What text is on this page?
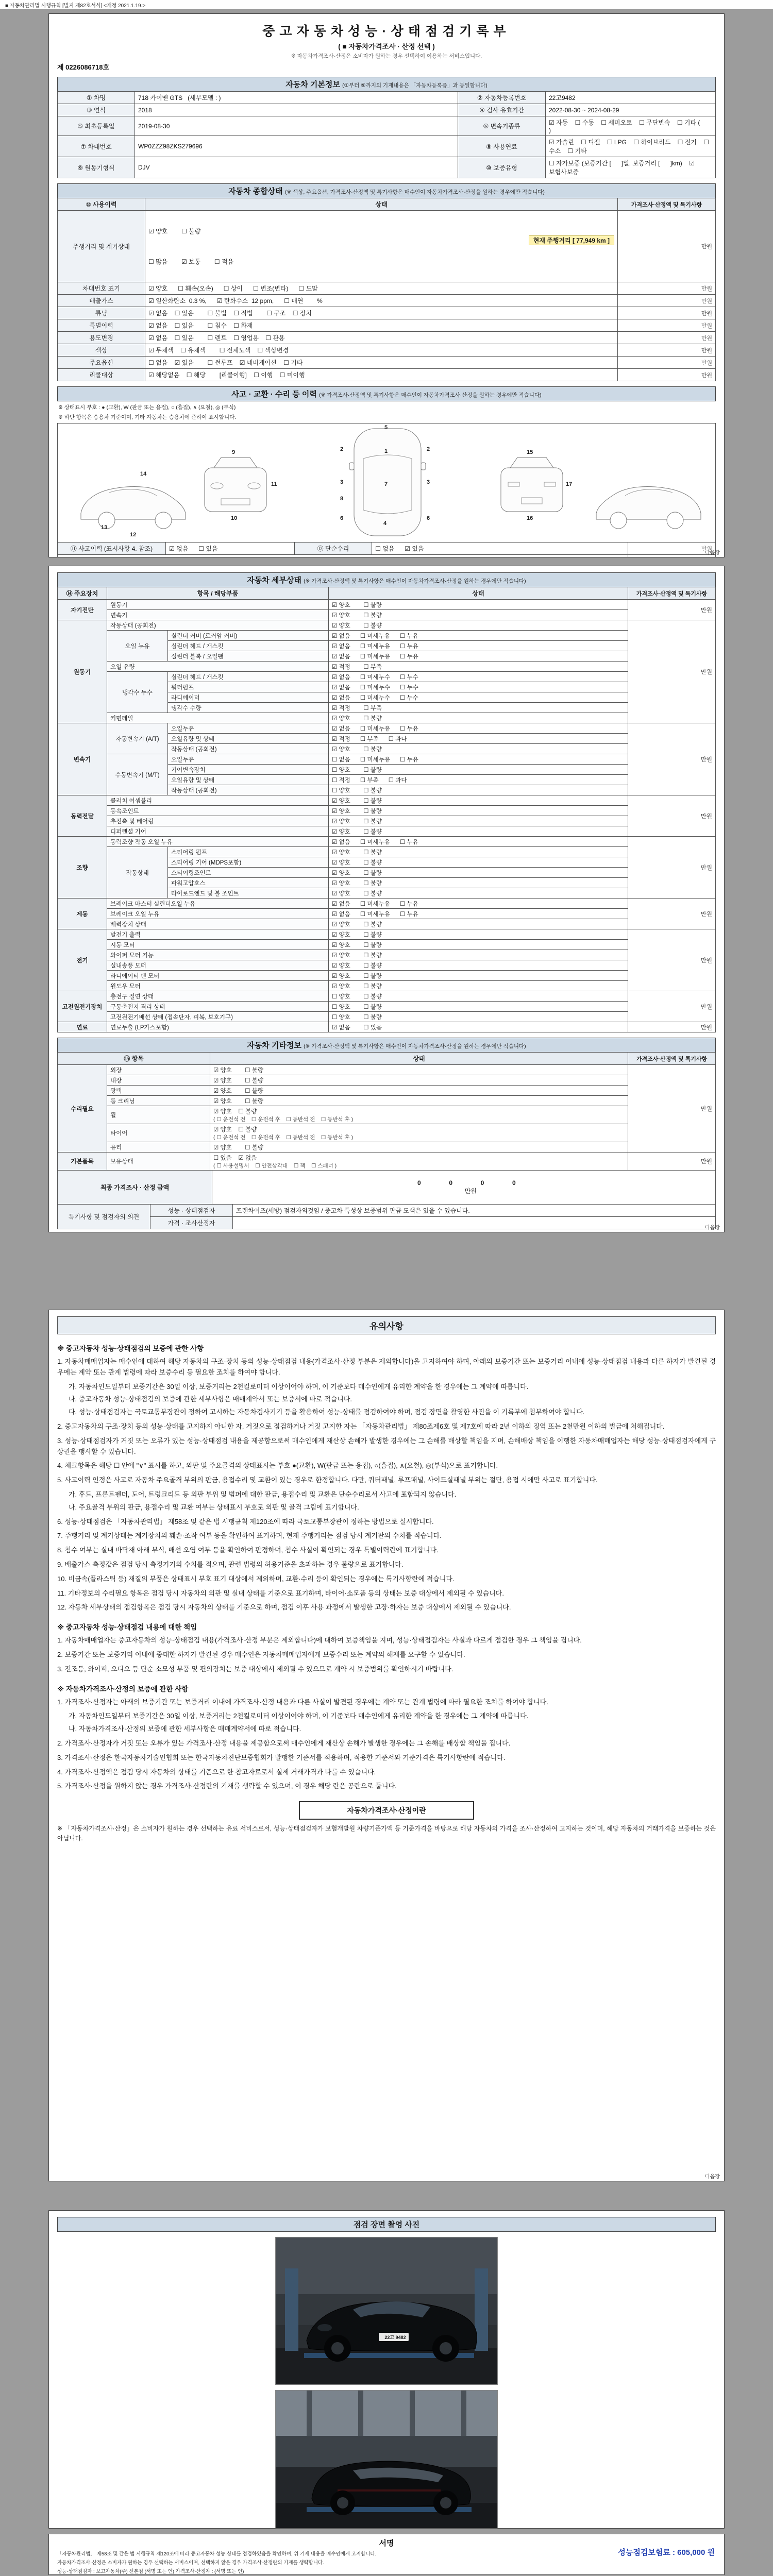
■ 자동차관리법 시행규칙 [별지 제82호서식] <개정 2021.1.19.>
중고자동차성능·상태점검기록부
( ■ 자동차가격조사 · 산정 선택 )
※ 자동차가격조사·산정은 소비자가 원하는 경우 선택하여 이용하는 서비스입니다.
제 0226086718호
자동차 기본정보 (①부터 ⑨까지의 기재내용은 「자동차등록증」과 동일합니다)
① 차명	718 카이맨 GTS   (세부모델 : )	② 자동차등록번호	22고9482
③ 연식	2018	④ 검사 유효기간	2022-08-30 ~ 2024-08-29
⑤ 최초등록일	2019-08-30	⑥ 변속기종류	☑ 자동    ☐ 수동    ☐ 세미오토    ☐ 무단변속    ☐ 기타 (        )
⑦ 차대번호	WP0ZZZ98ZKS279696	⑧ 사용연료	☑ 가솔린    ☐ 디젤    ☐ LPG    ☐ 하이브리드    ☐ 전기    ☐ 수소    ☐ 기타
⑨ 원동기형식	DJV	⑩ 보증유형	☐ 자가보증 (보증기간 [      ]일, 보증거리 [      ]km)    ☑ 보험사보증
자동차 종합상태 (※ 색상, 주요옵션, 가격조사·산정액 및 특기사항은 매수인이 자동차가격조사·산정을 원하는 경우에만 적습니다)
⑩ 사용이력	상태	가격조사·산정액 및 특기사항
주행거리 및 계기상태	☑ 양호        ☐ 불량

현재 주행거리 [ 77,949 km ]

☐ 많음        ☑ 보통        ☐ 적음	만원
차대번호 표기	☑ 양호      ☐ 훼손(오손)      ☐ 상이      ☐ 변조(변타)      ☐ 도말	만원
배출가스	☑ 일산화탄소  0.3 %,      ☑ 탄화수소  12 ppm,      ☐ 매연        %	만원
튜닝	☑ 없음    ☐ 있음        ☐ 불법    ☐ 적법        ☐ 구조    ☐ 장치	만원
특별이력	☑ 없음    ☐ 있음        ☐ 침수    ☐ 화재	만원
용도변경	☑ 없음    ☐ 있음        ☐ 렌트    ☐ 영업용    ☐ 관용	만원
색상	☑ 무채색    ☐ 유채색        ☐ 전체도색    ☐ 색상변경	만원
주요옵션	☐ 없음    ☑ 있음        ☐ 썬루프    ☑ 네비게이션    ☐ 기타	만원
리콜대상	☑ 해당없음    ☐ 해당        [리콜이행]    ☐ 이행    ☐ 미이행	만원
사고 · 교환 · 수리 등 이력 (※ 가격조사·산정액 및 특기사항은 매수인이 자동차가격조사·산정을 원하는 경우에만 적습니다)
※ 상태표시 부호 : ● (교환), W (판금 또는 용접), ○ (흠집), ∧ (요철), ◎ (부식)
※ 하단 항목은 승용차 기준이며, 기타 자동차는 승용차에 준하여 표시합니다.
5
1
2	2
3	3
7
8
6	6
4
9
10
11
12
13
14
15
16
17
⑪ 사고이력 (표시사항 4. 참조)	☑ 없음      ☐ 있음	⑫ 단순수리	☐ 없음      ☑ 있음	만원

다음장
자동차 세부상태 (※ 가격조사·산정액 및 특기사항은 매수인이 자동차가격조사·산정을 원하는 경우에만 적습니다)
⑭ 주요장치	항목 / 해당부품		상태	가격조사·산정액 및 특기사항
자기진단	원동기		☑ 양호        ☐ 불량	만원
	변속기		☑ 양호        ☐ 불량	
원동기	작동상태 (공회전)		☑ 양호        ☐ 불량	만원
	오일 누유	실린더 커버 (로커암 커버)	☑ 없음      ☐ 미세누유      ☐ 누유	
		실린더 헤드 / 개스킷	☑ 없음      ☐ 미세누유      ☐ 누유	
		실린더 블록 / 오일팬	☑ 없음      ☐ 미세누유      ☐ 누유	
	오일 유량		☑ 적정        ☐ 부족	
	냉각수 누수	실린더 헤드 / 개스킷	☑ 없음      ☐ 미세누수      ☐ 누수	
		워터펌프	☑ 없음      ☐ 미세누수      ☐ 누수	
		라디에이터	☑ 없음      ☐ 미세누수      ☐ 누수	
		냉각수 수량	☑ 적정        ☐ 부족	
	커먼레일		☑ 양호        ☐ 불량	
변속기	자동변속기 (A/T)	오일누유	☑ 없음      ☐ 미세누유      ☐ 누유	만원
		오일유량 및 상태	☑ 적정      ☐ 부족      ☐ 과다	
		작동상태 (공회전)	☑ 양호        ☐ 불량	
	수동변속기 (M/T)	오일누유	☐ 없음      ☐ 미세누유      ☐ 누유	
		기어변속장치	☐ 양호        ☐ 불량	
		오일유량 및 상태	☐ 적정      ☐ 부족      ☐ 과다	
		작동상태 (공회전)	☐ 양호        ☐ 불량	
동력전달	클러치 어셈블리		☑ 양호        ☐ 불량	만원
	등속조인트		☑ 양호        ☐ 불량	
	추진축 및 베어링		☑ 양호        ☐ 불량	
	디퍼렌셜 기어		☑ 양호        ☐ 불량	
조향	동력조향 작동 오일 누유		☑ 없음      ☐ 미세누유      ☐ 누유	만원
	작동상태	스티어링 펌프	☑ 양호        ☐ 불량	
		스티어링 기어 (MDPS포함)	☑ 양호        ☐ 불량	
		스티어링조인트	☑ 양호        ☐ 불량	
		파워고압호스	☑ 양호        ☐ 불량	
		타이로드엔드 및 볼 조인트	☑ 양호        ☐ 불량	
제동	브레이크 마스터 실린더오일 누유		☑ 없음      ☐ 미세누유      ☐ 누유	만원
	브레이크 오일 누유		☑ 없음      ☐ 미세누유      ☐ 누유	
	배력장치 상태		☑ 양호        ☐ 불량	
전기	발전기 출력		☑ 양호        ☐ 불량	만원
	시동 모터		☑ 양호        ☐ 불량	
	와이퍼 모터 기능		☑ 양호        ☐ 불량	
	실내송풍 모터		☑ 양호        ☐ 불량	
	라디에이터 팬 모터		☑ 양호        ☐ 불량	
	윈도우 모터		☑ 양호        ☐ 불량	
고전원전기장치	충전구 절연 상태		☐ 양호        ☐ 불량	만원
	구동축전지 격리 상태		☐ 양호        ☐ 불량	
	고전원전기배선 상태 (접속단자, 피복, 보호기구)		☐ 양호        ☐ 불량	
연료	연료누출 (LP가스포함)		☑ 없음        ☐ 있음	만원
자동차 기타정보 (※ 가격조사·산정액 및 특기사항은 매수인이 자동차가격조사·산정을 원하는 경우에만 적습니다)
⑮ 항목		상태	가격조사·산정액 및 특기사항
수리필요	외장	☑ 양호        ☐ 불량	만원
	내장	☑ 양호        ☐ 불량	
	광택	☑ 양호        ☐ 불량	
	룸 크리닝	☑ 양호        ☐ 불량	
	휠	☑ 양호    ☐ 불량
( ☐ 운전석 전    ☐ 운전석 후    ☐ 동반석 전    ☐ 동반석 후 )	

	타이어	☑ 양호    ☐ 불량
( ☐ 운전석 전    ☐ 운전석 후    ☐ 동반석 전    ☐ 동반석 후 )	

	유리	☑ 양호        ☐ 불량	
기본품목	보유상태	☐ 있음    ☑ 없음
( ☐ 사용설명서    ☐ 안전삼각대    ☐ 잭    ☐ 스패너 )	만원
최종 가격조사 · 산정 금액	
0  0  0  0
만원

특기사항 및 점검자의 의견	성능 · 상태점검자	프랜차이즈(세방) 점검자외것임 / 중고차 특성상 보증범위 판금 도색은 있을 수 있습니다.
	가격 · 조사산정자	
다음장
유의사항

※ 중고자동차 성능·상태점검의 보증에 관한 사항

1. 자동차매매업자는 매수인에 대하여 해당 자동차의 구조·장치 등의 성능·상태점검 내용(가격조사·산정 부분은 제외합니다)을 고지하여야 하며, 아래의 보증기간 또는 보증거리 이내에 성능·상태점검 내용과 다른 하자가 발견된 경우에는 계약 또는 관계 법령에 따라 보증수리 등 필요한 조치를 하여야 합니다.

가. 자동차인도일부터 보증기간은 30일 이상, 보증거리는 2천킬로미터 이상이어야 하며, 이 기준보다 매수인에게 유리한 계약을 한 경우에는 그 계약에 따릅니다.

나. 중고자동차 성능·상태점검의 보증에 관한 세부사항은 매매계약서 또는 보증서에 따로 적습니다.

다. 성능·상태점검자는 국토교통부장관이 정하여 고시하는 자동차검사기기 등을 활용하여 성능·상태를 점검하여야 하며, 점검 장면을 촬영한 사진을 이 기록부에 첨부하여야 합니다.

2. 중고자동차의 구조·장치 등의 성능·상태를 고지하지 아니한 자, 거짓으로 점검하거나 거짓 고지한 자는 「자동차관리법」 제80조제6호 및 제7호에 따라 2년 이하의 징역 또는 2천만원 이하의 벌금에 처해집니다.

3. 성능·상태점검자가 거짓 또는 오류가 있는 성능·상태점검 내용을 제공함으로써 매수인에게 재산상 손해가 발생한 경우에는 그 손해를 배상할 책임을 지며, 손해배상 책임을 이행한 자동차매매업자는 해당 성능·상태점검자에게 구상권을 행사할 수 있습니다.

4. 체크항목은 해당 ☐ 안에 "∨" 표시를 하고, 외판 및 주요골격의 상태표시는 부호 ●(교환), W(판금 또는 용접), ○(흠집), ∧(요철), ◎(부식)으로 표기합니다.

5. 사고이력 인정은 사고로 자동차 주요골격 부위의 판금, 용접수리 및 교환이 있는 경우로 한정합니다. 다만, 쿼터패널, 루프패널, 사이드실패널 부위는 절단, 용접 시에만 사고로 표기합니다.

가. 후드, 프론트펜더, 도어, 트렁크리드 등 외판 부위 및 범퍼에 대한 판금, 용접수리 및 교환은 단순수리로서 사고에 포함되지 않습니다.

나. 주요골격 부위의 판금, 용접수리 및 교환 여부는 상태표시 부호로 외판 및 골격 그림에 표기합니다.

6. 성능·상태점검은 「자동차관리법」 제58조 및 같은 법 시행규칙 제120조에 따라 국토교통부장관이 정하는 방법으로 실시합니다.

7. 주행거리 및 계기상태는 계기장치의 훼손·조작 여부 등을 확인하여 표기하며, 현재 주행거리는 점검 당시 계기판의 수치를 적습니다.

8. 침수 여부는 실내 바닥재 아래 부식, 배선 오염 여부 등을 확인하여 판정하며, 침수 사실이 확인되는 경우 특별이력란에 표기합니다.

9. 배출가스 측정값은 점검 당시 측정기기의 수치를 적으며, 관련 법령의 허용기준을 초과하는 경우 불량으로 표기합니다.

10. 비금속(플라스틱 등) 재질의 부품은 상태표시 부호 표기 대상에서 제외하며, 교환·수리 등이 확인되는 경우에는 특기사항란에 적습니다.

11. 기타정보의 수리필요 항목은 점검 당시 자동차의 외관 및 실내 상태를 기준으로 표기하며, 타이어·소모품 등의 상태는 보증 대상에서 제외될 수 있습니다.

12. 자동차 세부상태의 점검항목은 점검 당시 자동차의 상태를 기준으로 하며, 점검 이후 사용 과정에서 발생한 고장·하자는 보증 대상에서 제외될 수 있습니다.

※ 중고자동차 성능·상태점검 내용에 대한 책임

1. 자동차매매업자는 중고자동차의 성능·상태점검 내용(가격조사·산정 부분은 제외합니다)에 대하여 보증책임을 지며, 성능·상태점검자는 사실과 다르게 점검한 경우 그 책임을 집니다.

2. 보증기간 또는 보증거리 이내에 중대한 하자가 발견된 경우 매수인은 자동차매매업자에게 보증수리 또는 계약의 해제를 요구할 수 있습니다.

3. 전조등, 와이퍼, 오디오 등 단순 소모성 부품 및 편의장치는 보증 대상에서 제외될 수 있으므로 계약 시 보증범위를 확인하시기 바랍니다.

※ 자동차가격조사·산정의 보증에 관한 사항

1. 가격조사·산정자는 아래의 보증기간 또는 보증거리 이내에 가격조사·산정 내용과 다른 사실이 발견된 경우에는 계약 또는 관계 법령에 따라 필요한 조치를 하여야 합니다.

가. 자동차인도일부터 보증기간은 30일 이상, 보증거리는 2천킬로미터 이상이어야 하며, 이 기준보다 매수인에게 유리한 계약을 한 경우에는 그 계약에 따릅니다.

나. 자동차가격조사·산정의 보증에 관한 세부사항은 매매계약서에 따로 적습니다.

2. 가격조사·산정자가 거짓 또는 오류가 있는 가격조사·산정 내용을 제공함으로써 매수인에게 재산상 손해가 발생한 경우에는 그 손해를 배상할 책임을 집니다.

3. 가격조사·산정은 한국자동차기술인협회 또는 한국자동차진단보증협회가 발행한 기준서를 적용하며, 적용한 기준서와 기준가격은 특기사항란에 적습니다.

4. 가격조사·산정액은 점검 당시 자동차의 상태를 기준으로 한 참고자료로서 실제 거래가격과 다를 수 있습니다.

5. 가격조사·산정을 원하지 않는 경우 가격조사·산정란의 기재를 생략할 수 있으며, 이 경우 해당 란은 공란으로 둡니다.

자동차가격조사·산정이란

※ 「자동차가격조사·산정」은 소비자가 원하는 경우 선택하는 유료 서비스로서, 성능·상태점검자가 보험개발원 차량기준가액 등 기준가격을 바탕으로 해당 자동차의 가격을 조사·산정하여 고지하는 것이며, 해당 자동차의 거래가격을 보증하는 것은 아닙니다.

다음장
점검 장면 촬영 사진
22고 9482
서명
성능점검보험료 : 605,000 원
「자동차관리법」 제58조 및 같은 법 시행규칙 제120조에 따라 중고자동차 성능·상태를 점검하였음을 확인하며, 위 기재 내용을 매수인에게 고지합니다.
자동차가격조사·산정은 소비자가 원하는 경우 선택하는 서비스이며, 선택하지 않은 경우 가격조사·산정란의 기재를 생략합니다.
성능·상태점검자 : 보고자동차(주) 선본점 (서명 또는 인) 가격조사·산정자 : (서명 또는 인)
